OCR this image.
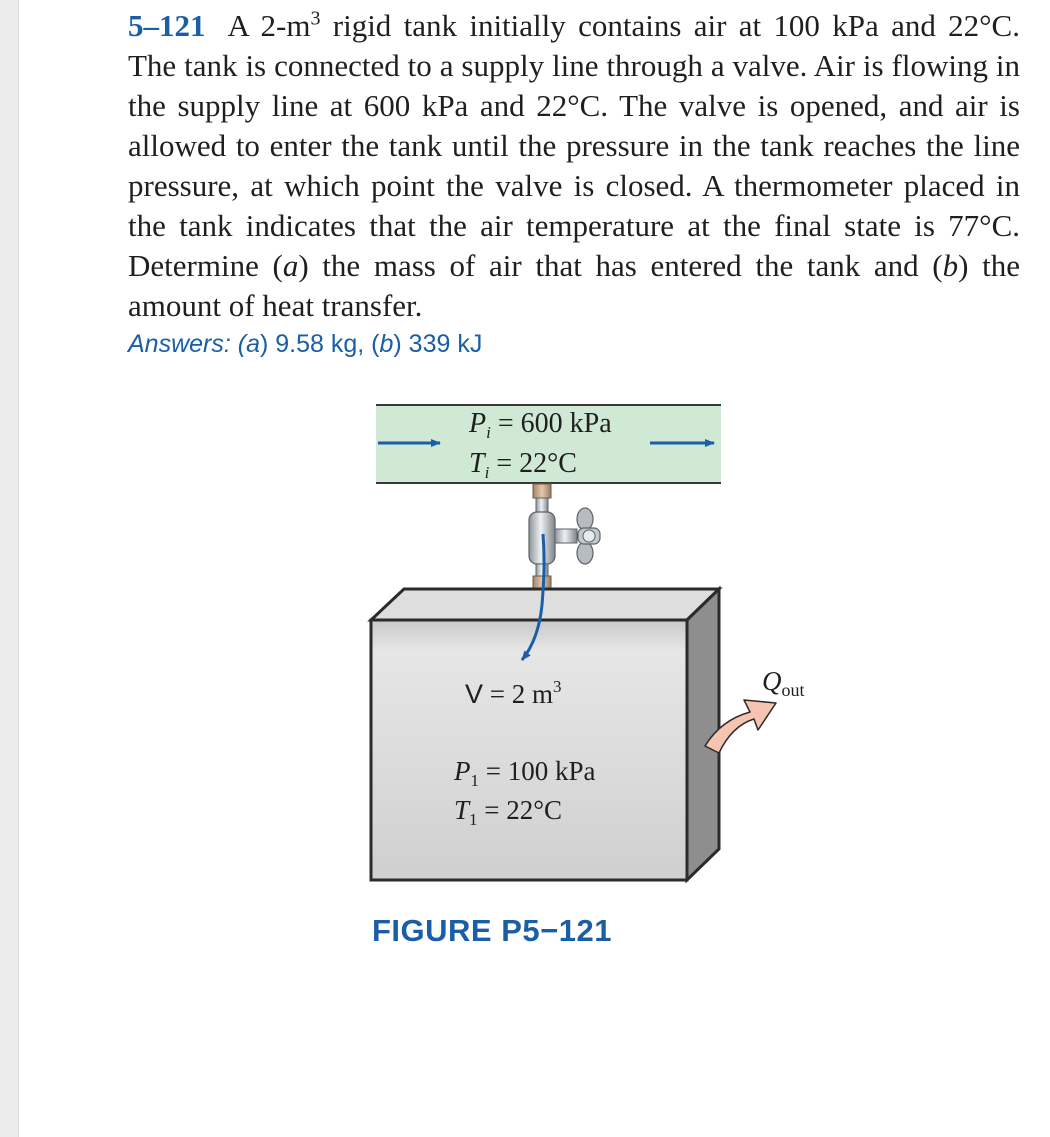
5–121 A $2-m^3$ rigid tank initially contains air at 100 kPa and 22°C. The tank is connected to a supply line through a valve. Air is flowing in the supply line at 600 kPa and 22°C. The valve is opened, and air is allowed to enter the tank until the pressure in the tank reaches the line pressure, at which point the valve is closed. A thermometer placed in the tank indicates that the air temperature at the final state is 77°C. Determine (a) the mass of air that has entered the tank and (b) the amount of heat transfer.
Answers: (a) 9.58 kg, (b) 339 kJ
$P_i = 600$ kPa
$T_i = 22^\circ C$
V = 2 $m^3$
$P_1 = 100$ kPa
$T_1 = 22^\circ C$
$Q_{out}$
FIGURE P5−121
